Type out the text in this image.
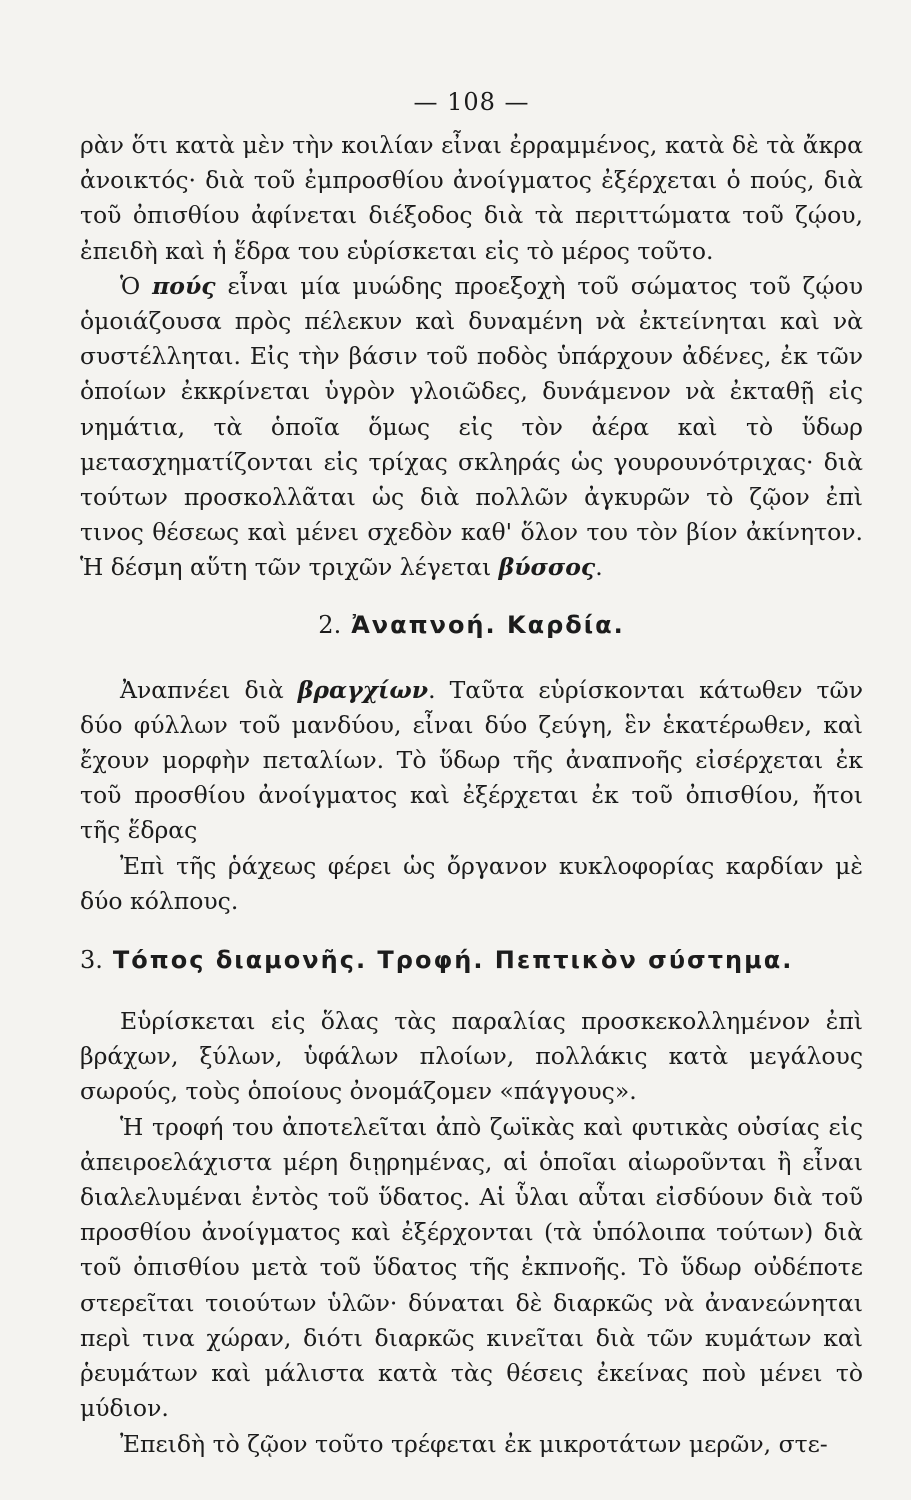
— 108 —

ρὰν ὅτι κατὰ μὲν τὴν κοιλίαν εἶναι ἐρραμμένος, κατὰ δὲ τὰ ἄκρα ἀνοικτός· διὰ τοῦ ἐμπροσθίου ἀνοίγματος ἐξέρχεται ὁ πούς, διὰ τοῦ ὀπισθίου ἀφίνεται διέξοδος διὰ τὰ περιττώματα τοῦ ζῴου, ἐπειδὴ καὶ ἡ ἕδρα του εὑρίσκεται εἰς τὸ μέρος τοῦτο.

Ὁ πούς εἶναι μία μυώδης προεξοχὴ τοῦ σώματος τοῦ ζῴου ὁμοιάζουσα πρὸς πέλεκυν καὶ δυναμένη νὰ ἐκτείνηται καὶ νὰ συστέλληται. Εἰς τὴν βάσιν τοῦ ποδὸς ὑπάρχουν ἀδένες, ἐκ τῶν ὁποίων ἐκκρίνεται ὑγρὸν γλοιῶδες, δυνάμενον νὰ ἐκταθῇ εἰς νημάτια, τὰ ὁποῖα ὅμως εἰς τὸν ἀέρα καὶ τὸ ὕδωρ μετασχηματίζονται εἰς τρίχας σκληράς ὡς γουρουνότριχας· διὰ τούτων προσκολλᾶται ὡς διὰ πολλῶν ἀγκυρῶν τὸ ζῷον ἐπὶ τινος θέσεως καὶ μένει σχεδὸν καθ' ὅλον του τὸν βίον ἀκίνητον. Ἡ δέσμη αὕτη τῶν τριχῶν λέγεται βύσσος.

2. Ἀναπνοή. Καρδία.

Ἀναπνέει διὰ βραγχίων. Ταῦτα εὑρίσκονται κάτωθεν τῶν δύο φύλλων τοῦ μανδύου, εἶναι δύο ζεύγη, ἓν ἑκατέρωθεν, καὶ ἔχουν μορφὴν πεταλίων. Τὸ ὕδωρ τῆς ἀναπνοῆς εἰσέρχεται ἐκ τοῦ προσθίου ἀνοίγματος καὶ ἐξέρχεται ἐκ τοῦ ὀπισθίου, ἤτοι τῆς ἕδρας

Ἐπὶ τῆς ῥάχεως φέρει ὡς ὄργανον κυκλοφορίας καρδίαν μὲ δύο κόλπους.

3. Τόπος διαμονῆς. Τροφή. Πεπτικὸν σύστημα.

Εὑρίσκεται εἰς ὅλας τὰς παραλίας προσκεκολλημένον ἐπὶ βράχων, ξύλων, ὑφάλων πλοίων, πολλάκις κατὰ μεγάλους σωρούς, τοὺς ὁποίους ὀνομάζομεν «πάγγους».

Ἡ τροφή του ἀποτελεῖται ἀπὸ ζωϊκὰς καὶ φυτικὰς οὐσίας εἰς ἀπειροελάχιστα μέρη διῃρημένας, αἱ ὁποῖαι αἰωροῦνται ἢ εἶναι διαλελυμέναι ἐντὸς τοῦ ὕδατος. Αἱ ὗλαι αὗται εἰσδύουν διὰ τοῦ προσθίου ἀνοίγματος καὶ ἐξέρχονται (τὰ ὑπόλοιπα τούτων) διὰ τοῦ ὀπισθίου μετὰ τοῦ ὕδατος τῆς ἐκπνοῆς. Τὸ ὕδωρ οὐδέποτε στερεῖται τοιούτων ὑλῶν· δύναται δὲ διαρκῶς νὰ ἀνανεώνηται περὶ τινα χώραν, διότι διαρκῶς κινεῖται διὰ τῶν κυμάτων καὶ ῥευμάτων καὶ μάλιστα κατὰ τὰς θέσεις ἐκείνας ποὺ μένει τὸ μύδιον.

Ἐπειδὴ τὸ ζῷον τοῦτο τρέφεται ἐκ μικροτάτων μερῶν, στε-
